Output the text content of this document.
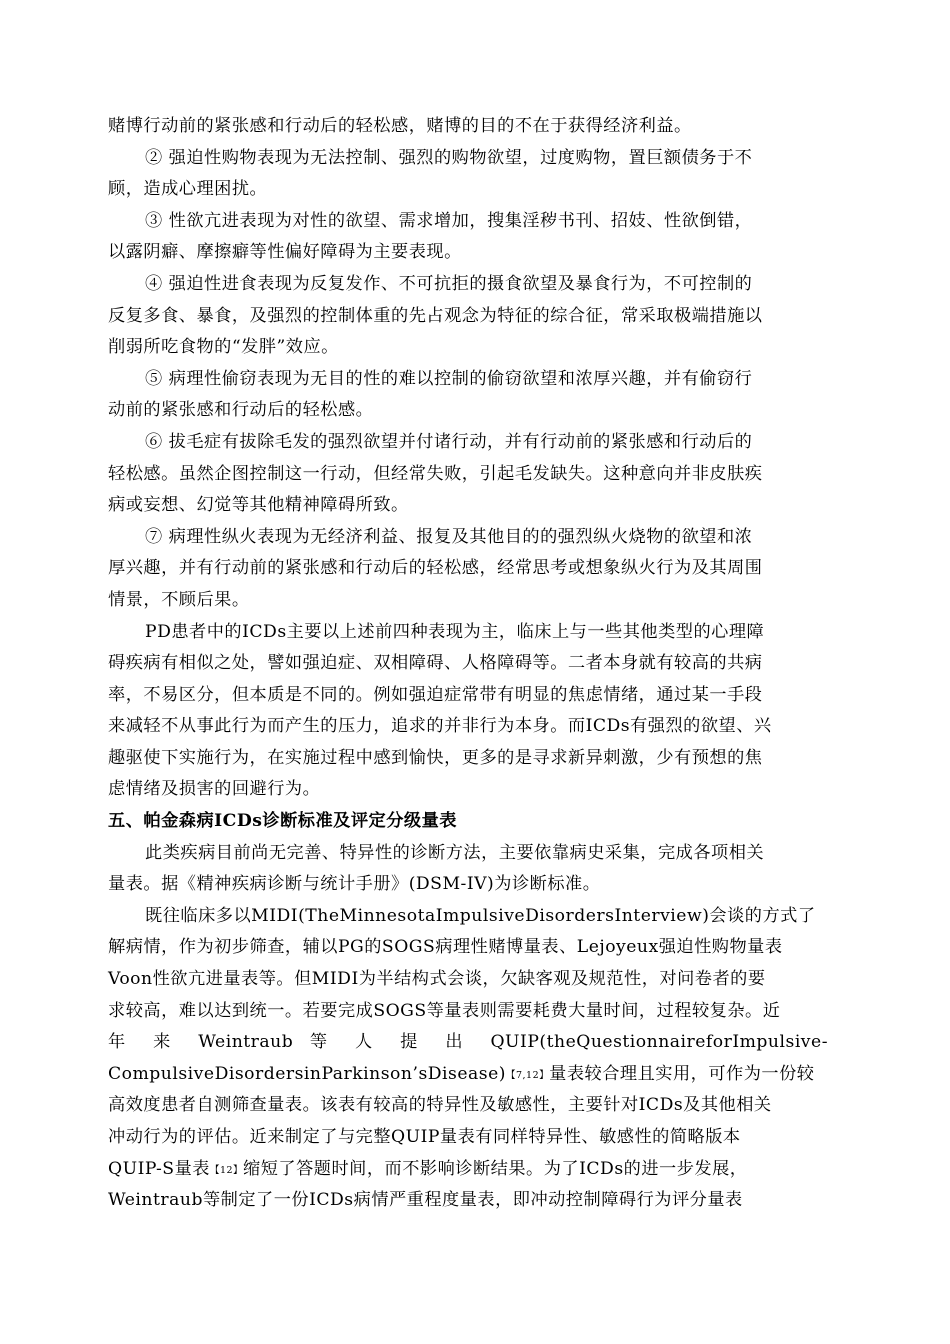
赌博行动前的紧张感和行动后的轻松感，赌博的目的不在于获得经济利益。
② 强迫性购物表现为无法控制、强烈的购物欲望，过度购物，置巨额债务于不
顾，造成心理困扰。
③ 性欲亢进表现为对性的欲望、需求增加，搜集淫秽书刊、招妓、性欲倒错，
以露阴癖、摩擦癖等性偏好障碍为主要表现。
④ 强迫性进食表现为反复发作、不可抗拒的摄食欲望及暴食行为，不可控制的
反复多食、暴食，及强烈的控制体重的先占观念为特征的综合征，常采取极端措施以
削弱所吃食物的“发胖”效应。
⑤ 病理性偷窃表现为无目的性的难以控制的偷窃欲望和浓厚兴趣，并有偷窃行
动前的紧张感和行动后的轻松感。
⑥ 拔毛症有拔除毛发的强烈欲望并付诸行动，并有行动前的紧张感和行动后的
轻松感。虽然企图控制这一行动，但经常失败，引起毛发缺失。这种意向并非皮肤疾
病或妄想、幻觉等其他精神障碍所致。
⑦ 病理性纵火表现为无经济利益、报复及其他目的的强烈纵火烧物的欲望和浓
厚兴趣，并有行动前的紧张感和行动后的轻松感，经常思考或想象纵火行为及其周围
情景，不顾后果。
PD患者中的ICDs主要以上述前四种表现为主，临床上与一些其他类型的心理障
碍疾病有相似之处，譬如强迫症、双相障碍、人格障碍等。二者本身就有较高的共病
率，不易区分，但本质是不同的。例如强迫症常带有明显的焦虑情绪，通过某一手段
来减轻不从事此行为而产生的压力，追求的并非行为本身。而ICDs有强烈的欲望、兴
趣驱使下实施行为，在实施过程中感到愉快，更多的是寻求新异刺激，少有预想的焦
虑情绪及损害的回避行为。
五、帕金森病ICDs诊断标准及评定分级量表
此类疾病目前尚无完善、特异性的诊断方法，主要依靠病史采集，完成各项相关
量表。据《精神疾病诊断与统计手册》(DSM-IV)为诊断标准。
既往临床多以MIDI(TheMinnesotaImpulsiveDisordersInterview)会谈的方式了
解病情，作为初步筛查，辅以PG的SOGS病理性赌博量表、Lejoyeux强迫性购物量表
Voon性欲亢进量表等。但MIDI为半结构式会谈，欠缺客观及规范性，对问卷者的要
求较高，难以达到统一。若要完成SOGS等量表则需要耗费大量时间，过程较复杂。近
年 来 Weintraub 等 人 提 出 QUIP(theQuestionnaireforImpulsive-
CompulsiveDisordersinParkinson’sDisease)【7,12】量表较合理且实用，可作为一份较
高效度患者自测筛查量表。该表有较高的特异性及敏感性，主要针对ICDs及其他相关
冲动行为的评估。近来制定了与完整QUIP量表有同样特异性、敏感性的简略版本
QUIP-S量表【12】缩短了答题时间，而不影响诊断结果。为了ICDs的进一步发展，
Weintraub等制定了一份ICDs病情严重程度量表，即冲动控制障碍行为评分量表
